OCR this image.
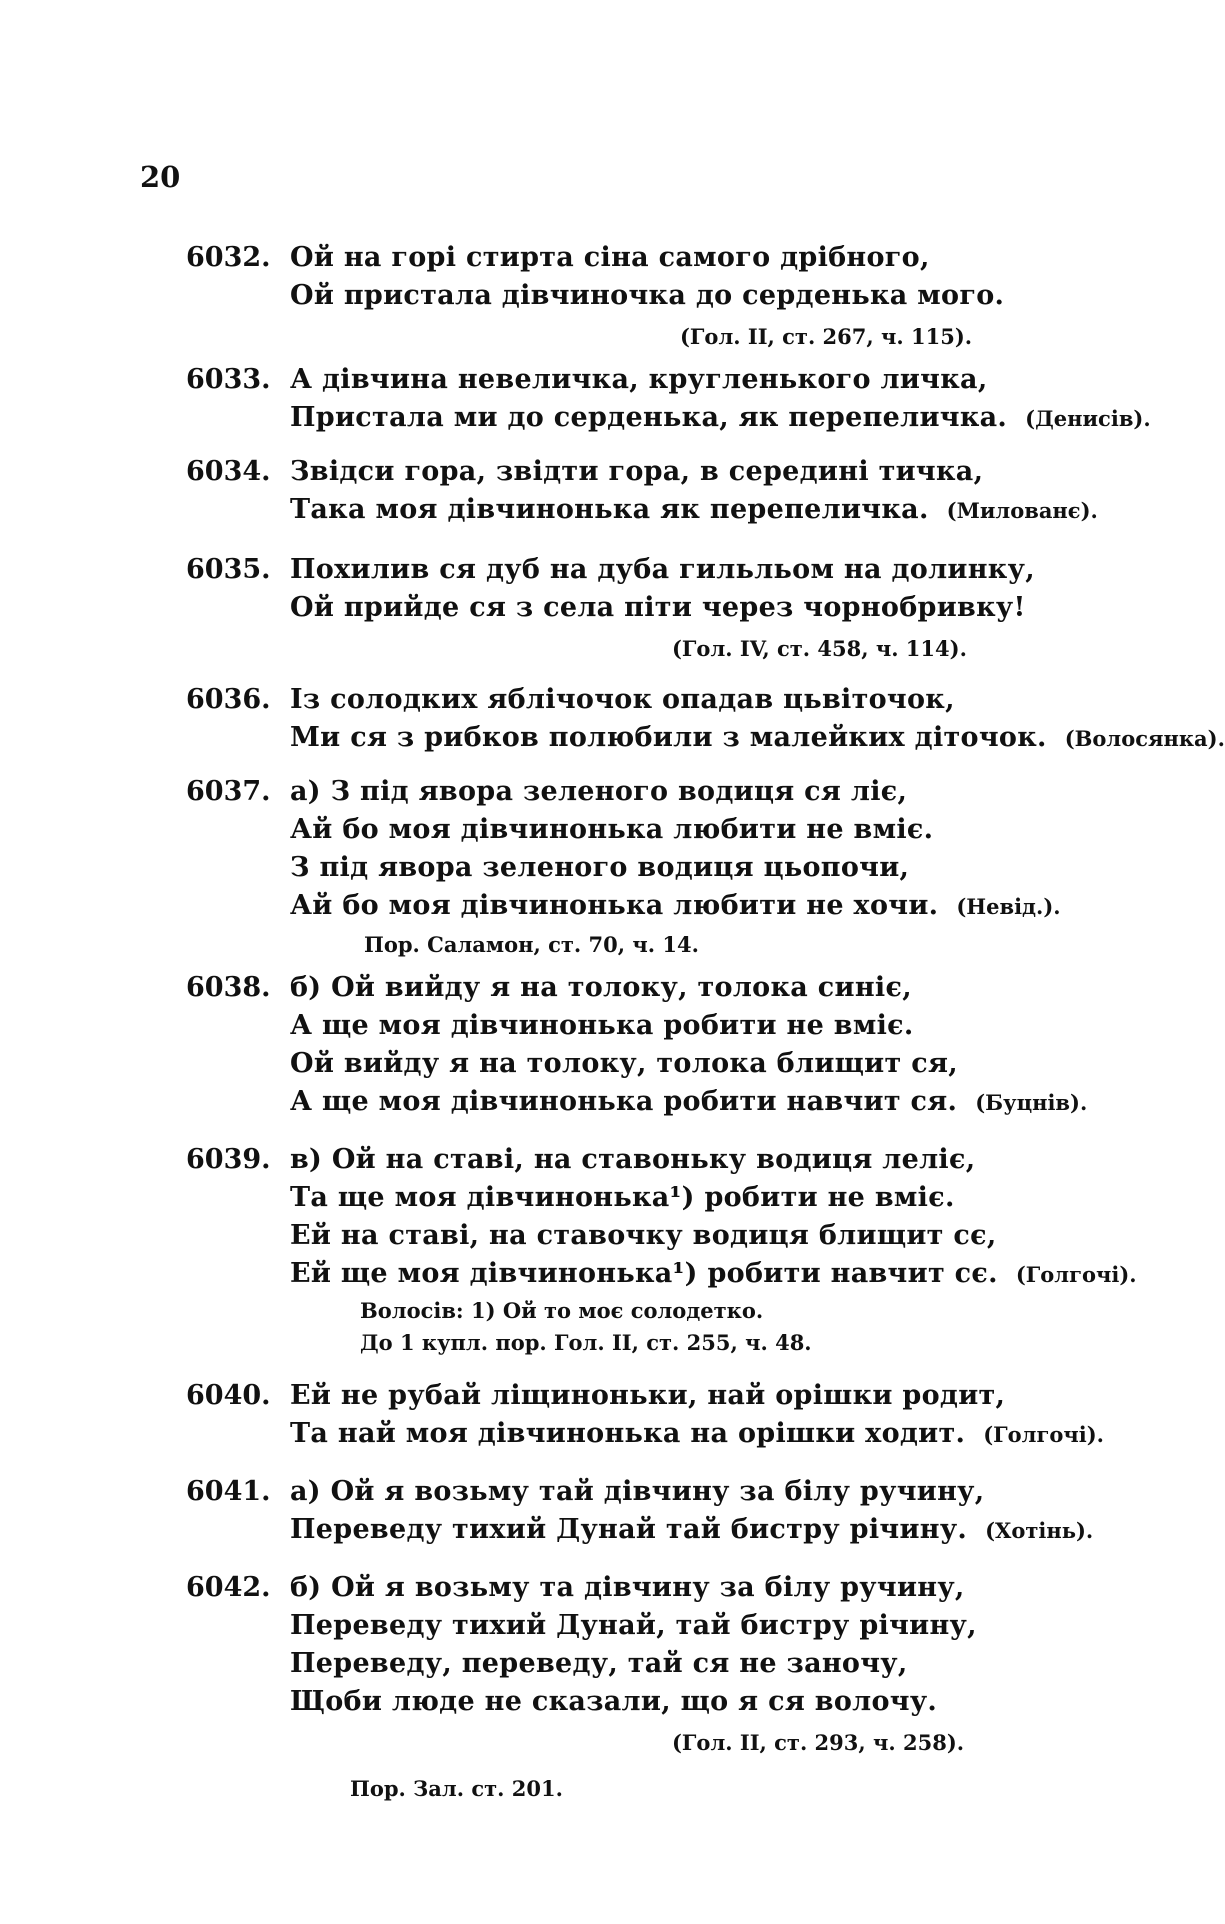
20
6032. Ой на горі стирта сіна самого дрібного,
Ой пристала дівчиночка до серденька мого.
(Гол. II, ст. 267, ч. 115).
6033. А дівчина невеличка, кругленького личка,
Пристала ми до серденька, як перепеличка. (Денисів).
6034. Звідси гора, звідти гора, в середині тичка,
Така моя дівчинонька як перепеличка. (Милованє).
6035. Похилив ся дуб на дуба гильльом на долинку,
Ой прийде ся з села піти через чорнобривку!
(Гол. IV, ст. 458, ч. 114).
6036. Із солодких яблічочок опадав цьвіточок,
Ми ся з рибков полюбили з малейких діточок. (Волосянка).
6037. а) З під явора зеленого водиця ся ліє,
Ай бо моя дівчинонька любити не вміє.
З під явора зеленого водиця цьопочи,
Ай бо моя дівчинонька любити не хочи. (Невід.).
Пор. Саламон, ст. 70, ч. 14.
6038. б) Ой вийду я на толоку, толока синіє,
А ще моя дівчинонька робити не вміє.
Ой вийду я на толоку, толока блищит ся,
А ще моя дівчинонька робити навчит ся. (Буцнів).
6039. в) Ой на ставі, на ставоньку водиця леліє,
Та ще моя дівчинонька¹) робити не вміє.
Ей на ставі, на ставочку водиця блищит сє,
Ей ще моя дівчинонька¹) робити навчит сє. (Голгочі).
Волосів: 1) Ой то моє солодетко.
До 1 купл. пор. Гол. II, ст. 255, ч. 48.
6040. Ей не рубай ліщиноньки, най орішки родит,
Та най моя дівчинонька на орішки ходит. (Голгочі).
6041. а) Ой я возьму тай дівчину за білу ручину,
Переведу тихий Дунай тай бистру річину. (Хотінь).
6042. б) Ой я возьму та дівчину за білу ручину,
Переведу тихий Дунай, тай бистру річину,
Переведу, переведу, тай ся не заночу,
Щоби люде не сказали, що я ся волочу.
(Гол. II, ст. 293, ч. 258).
Пор. Зал. ст. 201.
